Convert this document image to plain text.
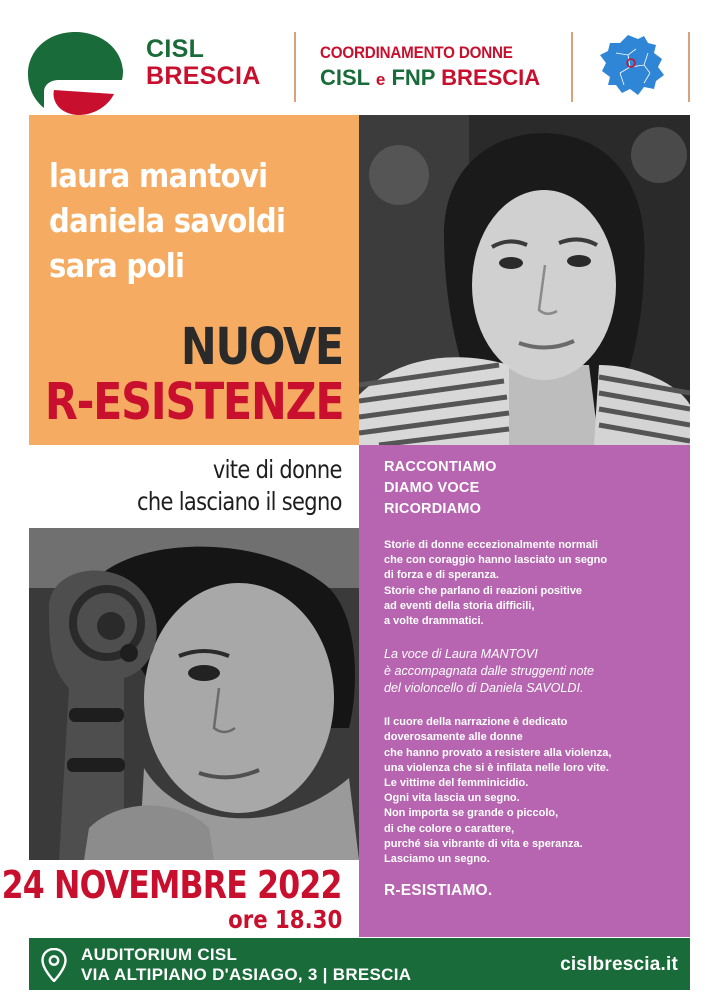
CISL
BRESCIA
COORDINAMENTO DONNE
CISL e FNP BRESCIA
laura mantovi
daniela savoldi
sara poli
NUOVE
R-ESISTENZE
vite di donne
che lasciano il segno
24 NOVEMBRE 2022
ore 18.30
RACCONTIAMO
DIAMO VOCE
RICORDIAMO
Storie di donne eccezionalmente normali
che con coraggio hanno lasciato un segno
di forza e di speranza.
Storie che parlano di reazioni positive
ad eventi della storia difficili,
a volte drammatici.
La voce di Laura MANTOVI
è accompagnata dalle struggenti note
del violoncello di Daniela SAVOLDI.
Il cuore della narrazione è dedicato
doverosamente alle donne
che hanno provato a resistere alla violenza,
una violenza che si è infilata nelle loro vite.
Le vittime del femminicidio.
Ogni vita lascia un segno.
Non importa se grande o piccolo,
di che colore o carattere,
purché sia vibrante di vita e speranza.
Lasciamo un segno.
R-ESISTIAMO.
AUDITORIUM CISL
VIA ALTIPIANO D'ASIAGO, 3 | BRESCIA	cislbrescia.it
